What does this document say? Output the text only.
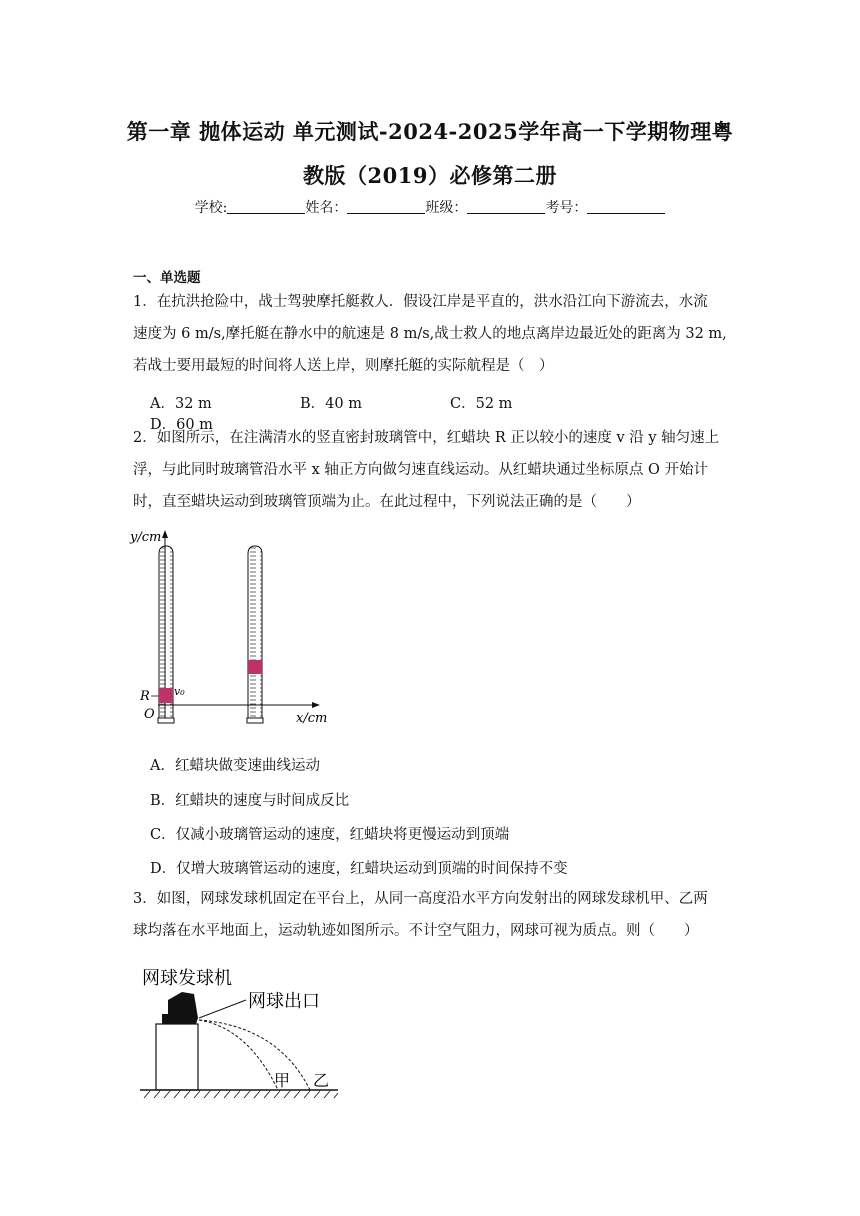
第一章 抛体运动 单元测试-2024-2025学年高一下学期物理粤
教版（2019）必修第二册
学校:	姓名：	班级：	考号：
一、单选题
1．在抗洪抢险中，战士驾驶摩托艇救人．假设江岸是平直的，洪水沿江向下游流去，水流
速度为 6 m/s,摩托艇在静水中的航速是 8 m/s,战士救人的地点离岸边最近处的距离为 32 m,
若战士要用最短的时间将人送上岸，则摩托艇的实际航程是（　）
A．32 m	B．40 m	C．52 mD．60 m
2．如图所示，在注满清水的竖直密封玻璃管中，红蜡块 R 正以较小的速度 v 沿 y 轴匀速上
浮，与此同时玻璃管沿水平 x 轴正方向做匀速直线运动。从红蜡块通过坐标原点 O 开始计
时，直至蜡块运动到玻璃管顶端为止。在此过程中，下列说法正确的是（　　）
y/cm
x/cm
v₀
R
O
A．红蜡块做变速曲线运动
B．红蜡块的速度与时间成反比
C．仅减小玻璃管运动的速度，红蜡块将更慢运动到顶端
D．仅增大玻璃管运动的速度，红蜡块运动到顶端的时间保持不变
3．如图，网球发球机固定在平台上，从同一高度沿水平方向发射出的网球发球机甲、乙两
球均落在水平地面上，运动轨迹如图所示。不计空气阻力，网球可视为质点。则（　　）
网球发球机
网球出口
甲 乙
